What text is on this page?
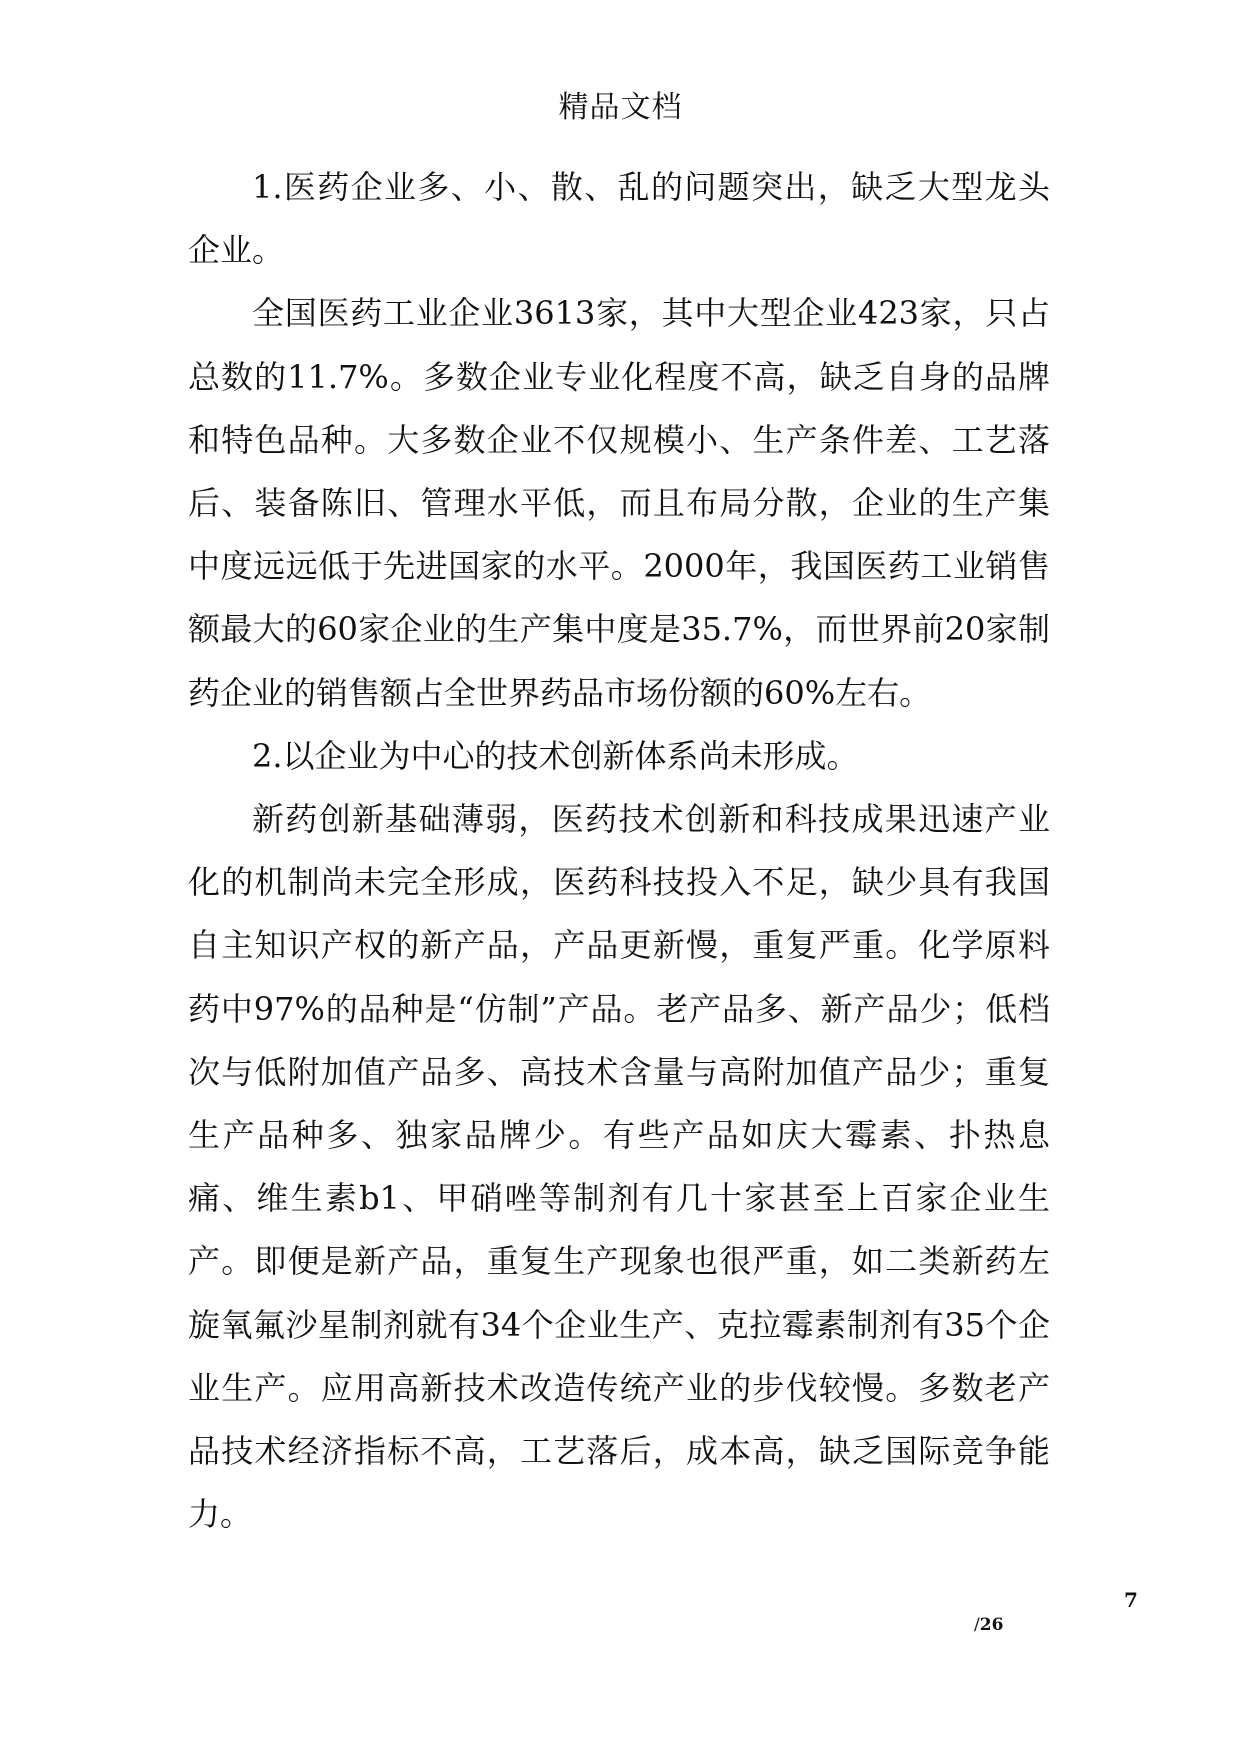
精品文档

1.医药企业多、小、散、乱的问题突出，缺乏大型龙头企业。

全国医药工业企业3613家，其中大型企业423家，只占总数的11.7%。多数企业专业化程度不高，缺乏自身的品牌和特色品种。大多数企业不仅规模小、生产条件差、工艺落后、装备陈旧、管理水平低，而且布局分散，企业的生产集中度远远低于先进国家的水平。2000年，我国医药工业销售额最大的60家企业的生产集中度是35.7%，而世界前20家制药企业的销售额占全世界药品市场份额的60%左右。

2.以企业为中心的技术创新体系尚未形成。

新药创新基础薄弱，医药技术创新和科技成果迅速产业化的机制尚未完全形成，医药科技投入不足，缺少具有我国自主知识产权的新产品，产品更新慢，重复严重。化学原料药中97%的品种是“仿制”产品。老产品多、新产品少；低档次与低附加值产品多、高技术含量与高附加值产品少；重复生产品种多、独家品牌少。有些产品如庆大霉素、扑热息痛、维生素b1、甲硝唑等制剂有几十家甚至上百家企业生产。即便是新产品，重复生产现象也很严重，如二类新药左旋氧氟沙星制剂就有34个企业生产、克拉霉素制剂有35个企业生产。应用高新技术改造传统产业的步伐较慢。多数老产品技术经济指标不高，工艺落后，成本高，缺乏国际竞争能力。

7
/26
